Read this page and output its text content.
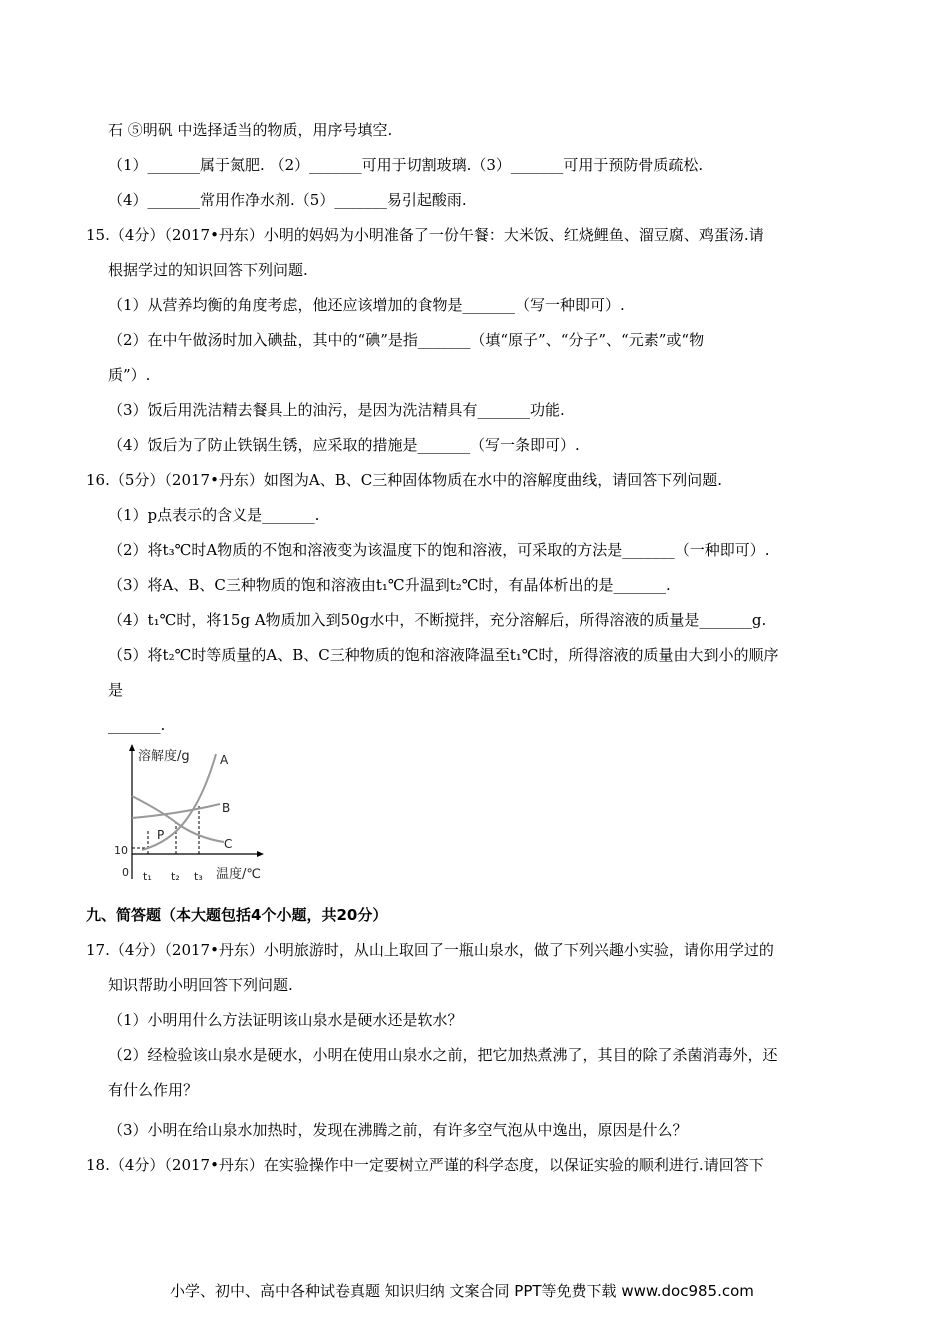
石 ⑤明矾 中选择适当的物质，用序号填空.
（1）_______属于氮肥. （2）_______可用于切割玻璃.（3）_______可用于预防骨质疏松.
（4）_______常用作净水剂.（5）_______易引起酸雨.
15.（4分）（2017•丹东）小明的妈妈为小明准备了一份午餐：大米饭、红烧鲤鱼、溜豆腐、鸡蛋汤.请
根据学过的知识回答下列问题.
（1）从营养均衡的角度考虑，他还应该增加的食物是_______（写一种即可）.
（2）在中午做汤时加入碘盐，其中的“碘”是指_______（填“原子”、“分子”、“元素”或“物
质”）.
（3）饭后用洗洁精去餐具上的油污，是因为洗洁精具有_______功能.
（4）饭后为了防止铁锅生锈，应采取的措施是_______（写一条即可）.
16.（5分）（2017•丹东）如图为A、B、C三种固体物质在水中的溶解度曲线，请回答下列问题.
（1）p点表示的含义是_______.
（2）将t₃℃时A物质的不饱和溶液变为该温度下的饱和溶液，可采取的方法是_______（一种即可）.
（3）将A、B、C三种物质的饱和溶液由t₁℃升温到t₂℃时，有晶体析出的是_______.
（4）t₁℃时，将15g A物质加入到50g水中，不断搅拌，充分溶解后，所得溶液的质量是_______g.
（5）将t₂℃时等质量的A、B、C三种物质的饱和溶液降温至t₁℃时，所得溶液的质量由大到小的顺序
是
_______.
溶解度/g
温度/℃
0
10
t₁ t₂ t₃
A
B
C
P
九、简答题（本大题包括4个小题，共20分）
17.（4分）（2017•丹东）小明旅游时，从山上取回了一瓶山泉水，做了下列兴趣小实验，请你用学过的
知识帮助小明回答下列问题.
（1）小明用什么方法证明该山泉水是硬水还是软水？
（2）经检验该山泉水是硬水，小明在使用山泉水之前，把它加热煮沸了，其目的除了杀菌消毒外，还
有什么作用？
（3）小明在给山泉水加热时，发现在沸腾之前，有许多空气泡从中逸出，原因是什么？
18.（4分）（2017•丹东）在实验操作中一定要树立严谨的科学态度，以保证实验的顺利进行.请回答下
小学、初中、高中各种试卷真题 知识归纳 文案合同 PPT等免费下载 www.doc985.com
